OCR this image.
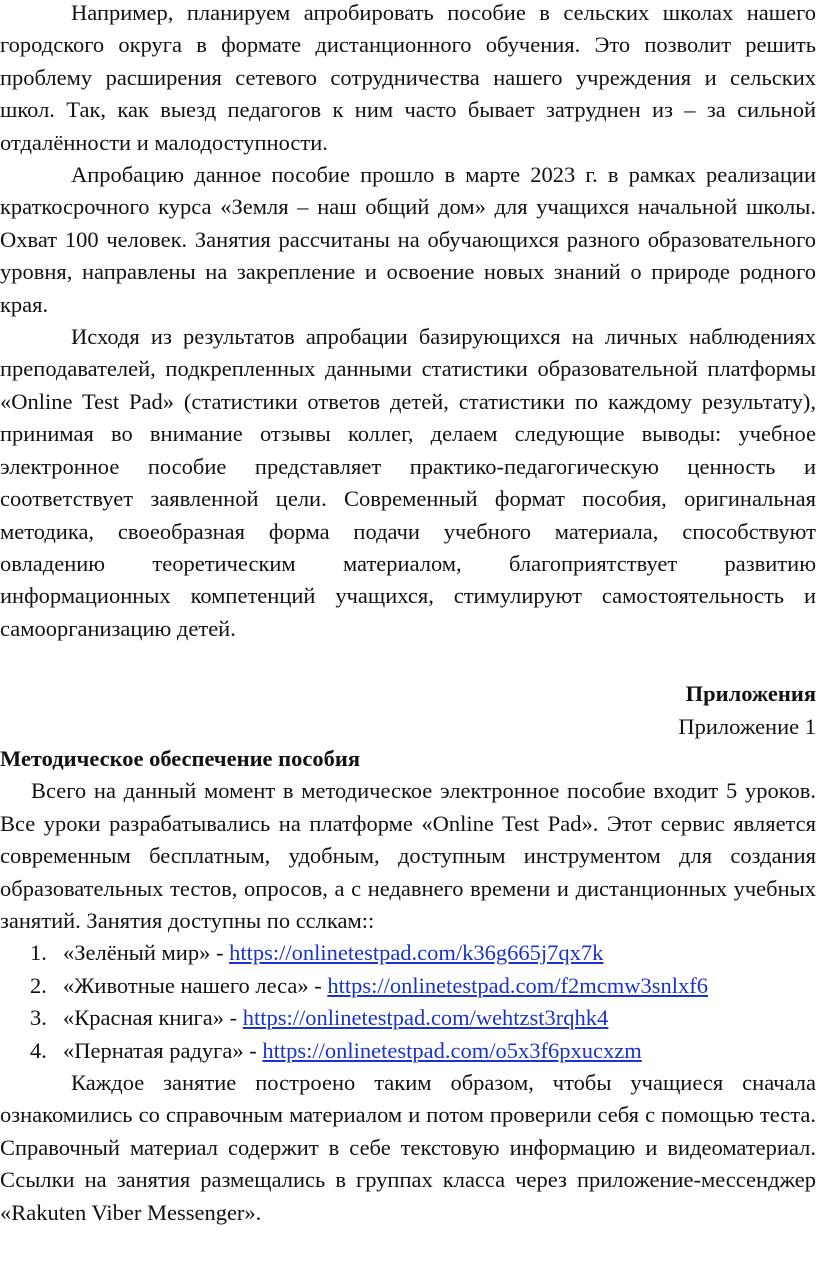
Например, планируем апробировать пособие в сельских школах нашего городского округа в формате дистанционного обучения. Это позволит решить проблему расширения сетевого сотрудничества нашего учреждения и сельских школ. Так, как выезд педагогов к ним часто бывает затруднен из – за сильной отдалённости и малодоступности.

Апробацию данное пособие прошло в марте 2023 г. в рамках реализации краткосрочного курса «Земля – наш общий дом» для учащихся начальной школы. Охват 100 человек. Занятия рассчитаны на обучающихся разного образовательного уровня, направлены на закрепление и освоение новых знаний о природе родного края.

Исходя из результатов апробации базирующихся на личных наблюдениях преподавателей, подкрепленных данными статистики образовательной платформы «Online Test Pad» (статистики ответов детей, статистики по каждому результату), принимая во внимание отзывы коллег, делаем следующие выводы: учебное электронное пособие представляет практико-педагогическую ценность и соответствует заявленной цели. Современный формат пособия, оригинальная методика, своеобразная форма подачи учебного материала, способствуют овладению теоретическим материалом, благоприятствует развитию информационных компетенций учащихся, стимулируют самостоятельность и самоорганизацию детей.

Приложения

Приложение 1

Методическое обеспечение пособия

Всего на данный момент в методическое электронное пособие входит 5 уроков. Все уроки разрабатывались на платформе «Online Test Pad». Этот сервис является современным бесплатным, удобным, доступным инструментом для создания образовательных тестов, опросов, а с недавнего времени и дистанционных учебных занятий. Занятия доступны по сслкам::

1. «Зелёный мир» - https://onlinetestpad.com/k36g665j7qx7k
2. «Животные нашего леса» - https://onlinetestpad.com/f2mcmw3snlxf6
3. «Красная книга» - https://onlinetestpad.com/wehtzst3rqhk4
4. «Пернатая радуга» - https://onlinetestpad.com/o5x3f6pxucxzm

Каждое занятие построено таким образом, чтобы учащиеся сначала ознакомились со справочным материалом и потом проверили себя с помощью теста. Справочный материал содержит в себе текстовую информацию и видеоматериал. Ссылки на занятия размещались в группах класса через приложение-мессенджер «Rakuten Viber Messenger».
